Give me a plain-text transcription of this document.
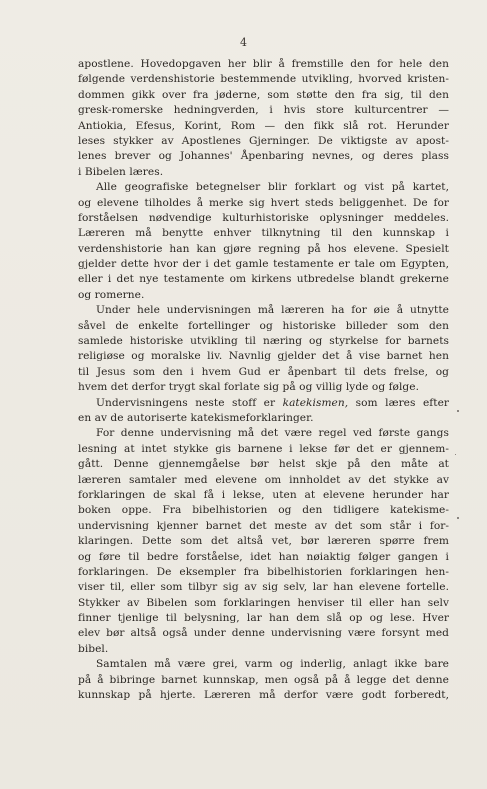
4
apostlene. Hovedopgaven her blir å fremstille den for hele den
følgende verdenshistorie bestemmende utvikling, hvorved kristen-
dommen gikk over fra jøderne, som støtte den fra sig, til den
gresk-romerske hedningverden, i hvis store kulturcentrer —
Antiokia, Efesus, Korint, Rom — den fikk slå rot. Herunder
leses stykker av Apostlenes Gjerninger. De viktigste av apost-
lenes brever og Johannes' Åpenbaring nevnes, og deres plass
i Bibelen læres.
Alle geografiske betegnelser blir forklart og vist på kartet,
og elevene tilholdes å merke sig hvert steds beliggenhet. De for
forståelsen nødvendige kulturhistoriske oplysninger meddeles.
Læreren må benytte enhver tilknytning til den kunnskap i
verdenshistorie han kan gjøre regning på hos elevene. Spesielt
gjelder dette hvor der i det gamle testamente er tale om Egypten,
eller i det nye testamente om kirkens utbredelse blandt grekerne
og romerne.
Under hele undervisningen må læreren ha for øie å utnytte
såvel de enkelte fortellinger og historiske billeder som den
samlede historiske utvikling til næring og styrkelse for barnets
religiøse og moralske liv. Navnlig gjelder det å vise barnet hen
til Jesus som den i hvem Gud er åpenbart til dets frelse, og
hvem det derfor trygt skal forlate sig på og villig lyde og følge.
Undervisningens neste stoff er katekismen, som læres efter
en av de autoriserte katekismeforklaringer.
For denne undervisning må det være regel ved første gangs
lesning at intet stykke gis barnene i lekse før det er gjennem-
gått. Denne gjennemgåelse bør helst skje på den måte at
læreren samtaler med elevene om innholdet av det stykke av
forklaringen de skal få i lekse, uten at elevene herunder har
boken oppe. Fra bibelhistorien og den tidligere katekisme-
undervisning kjenner barnet det meste av det som står i for-
klaringen. Dette som det altså vet, bør læreren spørre frem
og føre til bedre forståelse, idet han nøiaktig følger gangen i
forklaringen. De eksempler fra bibelhistorien forklaringen hen-
viser til, eller som tilbyr sig av sig selv, lar han elevene fortelle.
Stykker av Bibelen som forklaringen henviser til eller han selv
finner tjenlige til belysning, lar han dem slå op og lese. Hver
elev bør altså også under denne undervisning være forsynt med
bibel.
Samtalen må være grei, varm og inderlig, anlagt ikke bare
på å bibringe barnet kunnskap, men også på å legge det denne
kunnskap på hjerte. Læreren må derfor være godt forberedt,
